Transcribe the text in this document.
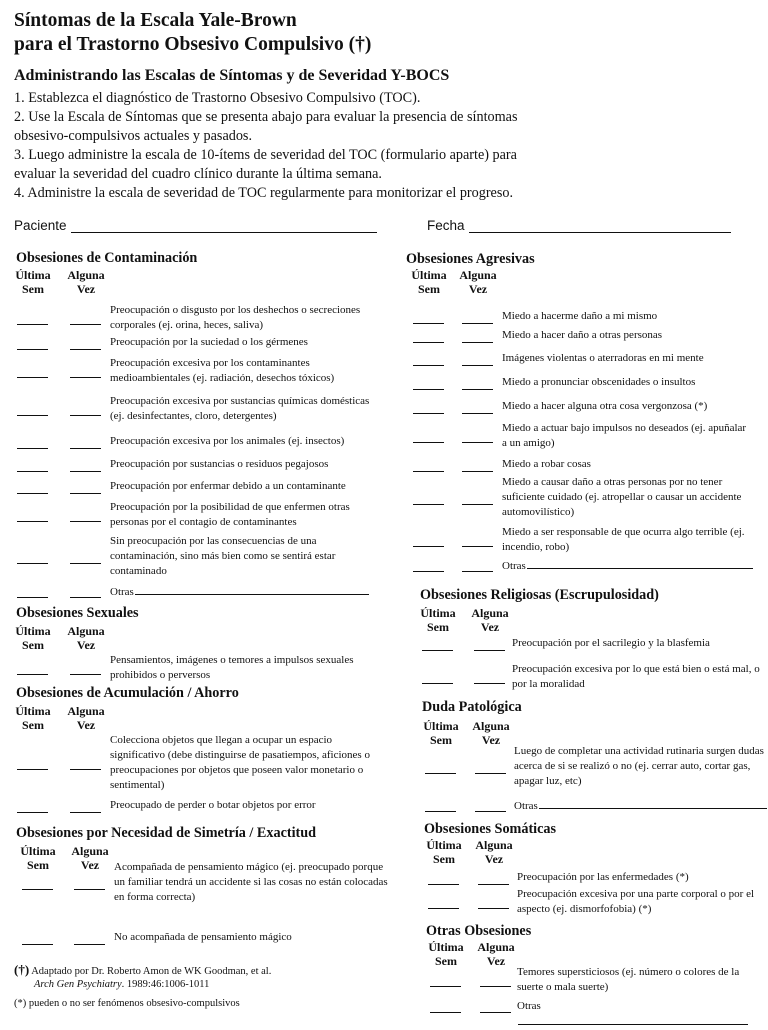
Síntomas de la Escala Yale-Brown
para el Trastorno Obsesivo Compulsivo (†)
Administrando las Escalas de Síntomas y de Severidad Y-BOCS
1. Establezca el diagnóstico de Trastorno Obsesivo Compulsivo (TOC).
2. Use la Escala de Síntomas que se presenta abajo para evaluar la presencia de síntomas
obsesivo-compulsivos actuales y pasados.
3. Luego administre la escala de 10-ítems de severidad del TOC (formulario aparte) para
evaluar la severidad del cuadro clínico durante la última semana.
4. Administre la escala de severidad de TOC regularmente para monitorizar el progreso.
Paciente	Fecha
Obsesiones de Contaminación
Última
Sem
Alguna
Vez
Preocupación o disgusto por los deshechos o secreciones corporales (ej. orina, heces, saliva)
Preocupación por la suciedad o los gérmenes
Preocupación excesiva por los contaminantes medioambientales (ej. radiación, desechos tóxicos)
Preocupación excesiva por sustancias químicas domésticas (ej. desinfectantes, cloro, detergentes)
Preocupación excesiva por los animales (ej. insectos)
Preocupación por sustancias o residuos pegajosos
Preocupación por enfermar debido a un contaminante
Preocupación por la posibilidad de que enfermen otras personas por el contagio de contaminantes
Sin preocupación por las consecuencias de una contaminación, sino más bien como se sentirá estar contaminado
Otras
Obsesiones Sexuales
Última
Sem
Alguna
Vez
Pensamientos, imágenes o temores a impulsos sexuales prohibidos o perversos
Obsesiones de Acumulación / Ahorro
Última
Sem
Alguna
Vez
Colecciona objetos que llegan a ocupar un espacio significativo (debe distinguirse de pasatiempos, aficiones o preocupaciones por objetos que poseen valor monetario o sentimental)
Preocupado de perder o botar objetos por error
Obsesiones por Necesidad de Simetría / Exactitud
Última
Sem
Alguna
Vez	Acompañada de pensamiento mágico (ej. preocupado porque un familiar tendrá un accidente si las cosas no están colocadas en forma correcta)
No acompañada de pensamiento mágico
Obsesiones Agresivas
Última
Sem
Alguna
Vez
Miedo a hacerme daño a mi mismo
Miedo a hacer daño a otras personas
Imágenes violentas o aterradoras en mi mente
Miedo a pronunciar obscenidades o insultos
Miedo a hacer alguna otra cosa vergonzosa (*)
Miedo a actuar bajo impulsos no deseados (ej. apuñalar a un amigo)
Miedo a robar cosas
Miedo a causar daño a otras personas por no tener suficiente cuidado (ej. atropellar o causar un accidente automovilístico)
Miedo a ser responsable de que ocurra algo terrible (ej. incendio, robo)
Otras
Obsesiones Religiosas (Escrupulosidad)
Última
Sem
Alguna
Vez
Preocupación por el sacrilegio y la blasfemia
Preocupación excesiva por lo que está bien o está mal, o por la moralidad
Duda Patológica
Última
Sem
Alguna
Vez
Luego de completar una actividad rutinaria surgen dudas acerca de si se realizó o no (ej. cerrar auto, cortar gas, apagar luz, etc)
Otras
Obsesiones Somáticas
Última
Sem
Alguna
Vez
Preocupación por las enfermedades (*)
Preocupación excesiva por una parte corporal o por el aspecto (ej. dismorfofobia) (*)
Otras Obsesiones
Última
Sem
Alguna
Vez
Temores supersticiosos (ej. número o colores de la suerte o mala suerte)
Otras
(†) Adaptado por Dr. Roberto Amon de WK Goodman, et al.
Arch Gen Psychiatry. 1989:46:1006-1011
(*) pueden o no ser fenómenos obsesivo-compulsivos
